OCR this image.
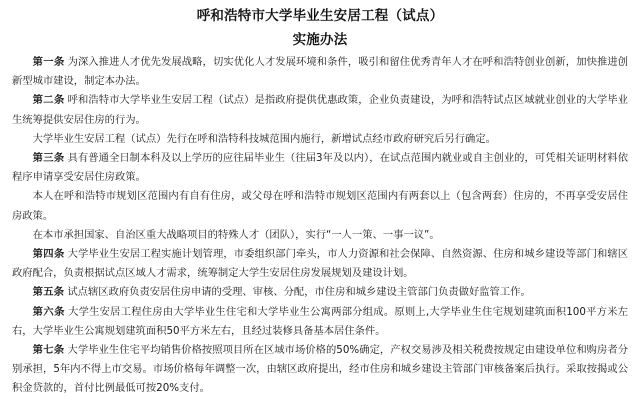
呼和浩特市大学毕业生安居工程（试点）
实施办法

第一条 为深入推进人才优先发展战略，切实优化人才发展环境和条件，吸引和留住优秀青年人才在呼和浩特创业创新，加快推进创新型城市建设，制定本办法。

第二条 呼和浩特市大学毕业生安居工程（试点）是指政府提供优惠政策，企业负责建设，为呼和浩特试点区域就业创业的大学毕业生统筹提供安居住房的行为。

大学毕业生安居工程（试点）先行在呼和浩特科技城范围内施行，新增试点经市政府研究后另行确定。

第三条 具有普通全日制本科及以上学历的应往届毕业生（往届3年及以内），在试点范围内就业或自主创业的，可凭相关证明材料依程序申请享受安居住房政策。

本人在呼和浩特市规划区范围内有自有住房，或父母在呼和浩特市规划区范围内有两套以上（包含两套）住房的，不再享受安居住房政策。

在本市承担国家、自治区重大战略项目的特殊人才（团队），实行“一人一策、一事一议”。

第四条 大学毕业生安居工程实施计划管理，市委组织部门牵头，市人力资源和社会保障、自然资源、住房和城乡建设等部门和辖区政府配合，负责根据试点区域人才需求，统筹制定大学生安居住房发展规划及建设计划。

第五条 试点辖区政府负责安居住房申请的受理、审核、分配，市住房和城乡建设主管部门负责做好监管工作。

第六条 大学生安居工程住房由大学毕业生住宅和大学毕业生公寓两部分组成。原则上,大学毕业生住宅规划建筑面积100平方米左右，大学毕业生公寓规划建筑面积50平方米左右，且经过装修具备基本居住条件。

第七条 大学毕业生住宅平均销售价格按照项目所在区域市场价格的50%确定，产权交易涉及相关税费按规定由建设单位和购房者分别承担，5年内不得上市交易。市场价格每年调整一次，由辖区政府提出，经市住房和城乡建设主管部门审核备案后执行。采取按揭或公积金贷款的，首付比例最低可按20%支付。
